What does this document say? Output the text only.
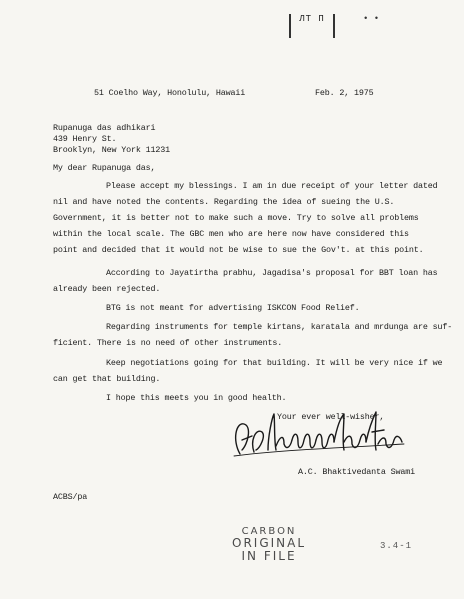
ЛТ П	• •
51 Coelho Way, Honolulu, Hawaii	Feb. 2, 1975
Rupanuga das adhikari
439 Henry St.
Brooklyn, New York 11231
My dear Rupanuga das,
Please accept my blessings. I am in due receipt of your letter dated
nil and have noted the contents. Regarding the idea of sueing the U.S.
Government, it is better not to make such a move. Try to solve all problems
within the local scale. The GBC men who are here now have considered this
point and decided that it would not be wise to sue the Gov't. at this point.
According to Jayatirtha prabhu, Jagadisa's proposal for BBT loan has
already been rejected.
BTG is not meant for advertising ISKCON Food Relief.
Regarding instruments for temple kirtans, karatala and mrdunga are suf-
ficient. There is no need of other instruments.
Keep negotiations going for that building. It will be very nice if we
can get that building.
I hope this meets you in good health.
Your ever well-wisher,
A.C. Bhaktivedanta Swami
ACBS/pa
CARBON
ORIGINAL
IN FILE
3.4-1
